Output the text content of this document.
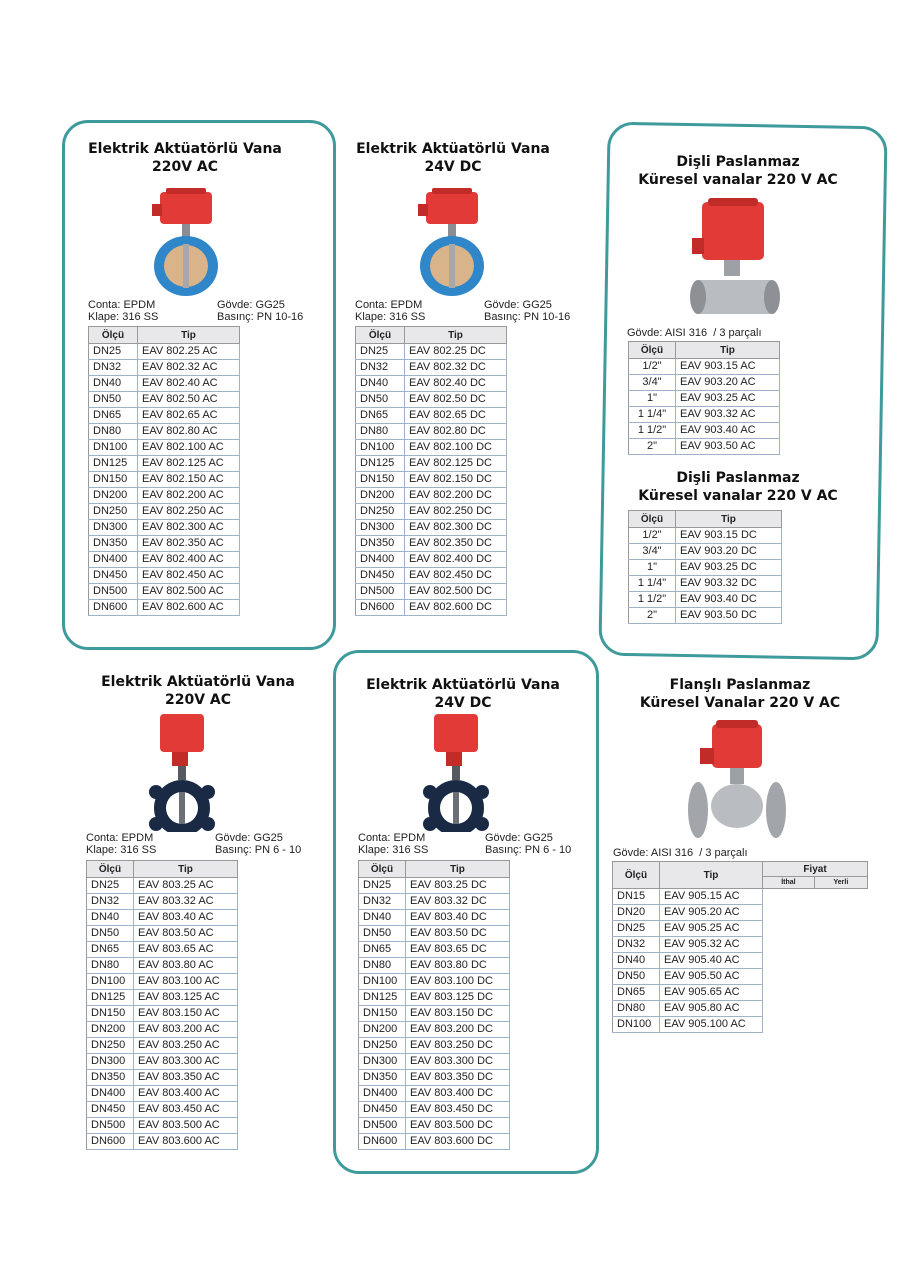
Elektrik Aktüatörlü Vana
220V AC
Conta: EPDM
Klape: 316 SS
Gövde: GG25
Basınç: PN 10-16
Ölçü	Tip
DN25	EAV 802.25 AC
DN32	EAV 802.32 AC
DN40	EAV 802.40 AC
DN50	EAV 802.50 AC
DN65	EAV 802.65 AC
DN80	EAV 802.80 AC
DN100	EAV 802.100 AC
DN125	EAV 802.125 AC
DN150	EAV 802.150 AC
DN200	EAV 802.200 AC
DN250	EAV 802.250 AC
DN300	EAV 802.300 AC
DN350	EAV 802.350 AC
DN400	EAV 802.400 AC
DN450	EAV 802.450 AC
DN500	EAV 802.500 AC
DN600	EAV 802.600 AC
Elektrik Aktüatörlü Vana
24V DC
Conta: EPDM
Klape: 316 SS
Gövde: GG25
Basınç: PN 10-16
Ölçü	Tip
DN25	EAV 802.25 DC
DN32	EAV 802.32 DC
DN40	EAV 802.40 DC
DN50	EAV 802.50 DC
DN65	EAV 802.65 DC
DN80	EAV 802.80 DC
DN100	EAV 802.100 DC
DN125	EAV 802.125 DC
DN150	EAV 802.150 DC
DN200	EAV 802.200 DC
DN250	EAV 802.250 DC
DN300	EAV 802.300 DC
DN350	EAV 802.350 DC
DN400	EAV 802.400 DC
DN450	EAV 802.450 DC
DN500	EAV 802.500 DC
DN600	EAV 802.600 DC
Dişli Paslanmaz
Küresel vanalar 220 V AC
Gövde: AISI 316  / 3 parçalı
Ölçü	Tip
1/2"	EAV 903.15 AC
3/4"	EAV 903.20 AC
1"	EAV 903.25 AC
1 1/4"	EAV 903.32 AC
1 1/2"	EAV 903.40 AC
2"	EAV 903.50 AC
Dişli Paslanmaz
Küresel vanalar 220 V AC
Ölçü	Tip
1/2"	EAV 903.15 DC
3/4"	EAV 903.20 DC
1"	EAV 903.25 DC
1 1/4"	EAV 903.32 DC
1 1/2"	EAV 903.40 DC
2"	EAV 903.50 DC
Elektrik Aktüatörlü Vana
220V AC
Conta: EPDM
Klape: 316 SS
Gövde: GG25
Basınç: PN 6 - 10
Ölçü	Tip
DN25	EAV 803.25 AC
DN32	EAV 803.32 AC
DN40	EAV 803.40 AC
DN50	EAV 803.50 AC
DN65	EAV 803.65 AC
DN80	EAV 803.80 AC
DN100	EAV 803.100 AC
DN125	EAV 803.125 AC
DN150	EAV 803.150 AC
DN200	EAV 803.200 AC
DN250	EAV 803.250 AC
DN300	EAV 803.300 AC
DN350	EAV 803.350 AC
DN400	EAV 803.400 AC
DN450	EAV 803.450 AC
DN500	EAV 803.500 AC
DN600	EAV 803.600 AC
Elektrik Aktüatörlü Vana
24V DC
Conta: EPDM
Klape: 316 SS
Gövde: GG25
Basınç: PN 6 - 10
Ölçü	Tip
DN25	EAV 803.25 DC
DN32	EAV 803.32 DC
DN40	EAV 803.40 DC
DN50	EAV 803.50 DC
DN65	EAV 803.65 DC
DN80	EAV 803.80 DC
DN100	EAV 803.100 DC
DN125	EAV 803.125 DC
DN150	EAV 803.150 DC
DN200	EAV 803.200 DC
DN250	EAV 803.250 DC
DN300	EAV 803.300 DC
DN350	EAV 803.350 DC
DN400	EAV 803.400 DC
DN450	EAV 803.450 DC
DN500	EAV 803.500 DC
DN600	EAV 803.600 DC
Flanşlı Paslanmaz
Küresel Vanalar 220 V AC
Gövde: AISI 316  / 3 parçalı
Ölçü	Tip	Fiyat	
		İthal	Yerli
DN15	EAV 905.15 AC		
DN20	EAV 905.20 AC		
DN25	EAV 905.25 AC		
DN32	EAV 905.32 AC		
DN40	EAV 905.40 AC		
DN50	EAV 905.50 AC		
DN65	EAV 905.65 AC		
DN80	EAV 905.80 AC		
DN100	EAV 905.100 AC		
